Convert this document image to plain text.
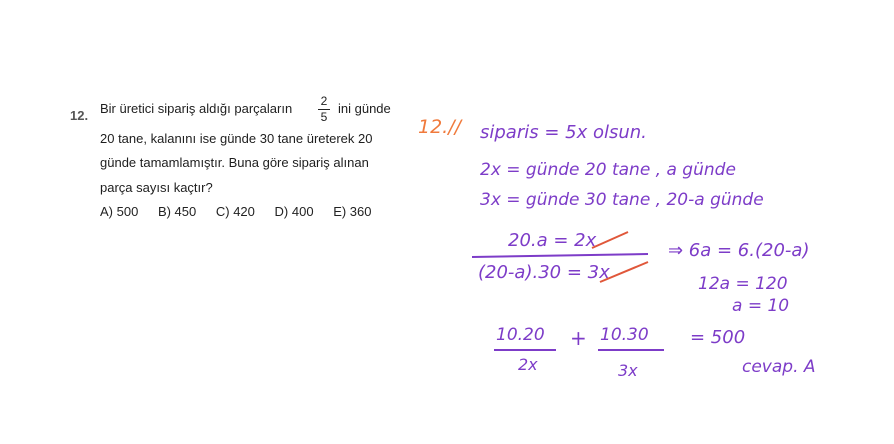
12. Bir üretici sipariş aldığı parçaların	2
5
ini günde
20 tane, kalanını ise günde 30 tane üreterek 20
günde tamamlamıştır. Buna göre sipariş alınan
parça sayısı kaçtır?
A) 500 B) 450 C) 420 D) 400 E) 360
12.// siparis = 5x olsun.
2x = günde 20 tane , a günde
3x = günde 30 tane , 20-a günde
20.a = 2x
(20-a).30 = 3x
⇒ 6a = 6.(20-a)
12a = 120
a = 10
10.20
2x
+ 10.30
3x
= 500
cevap. A
